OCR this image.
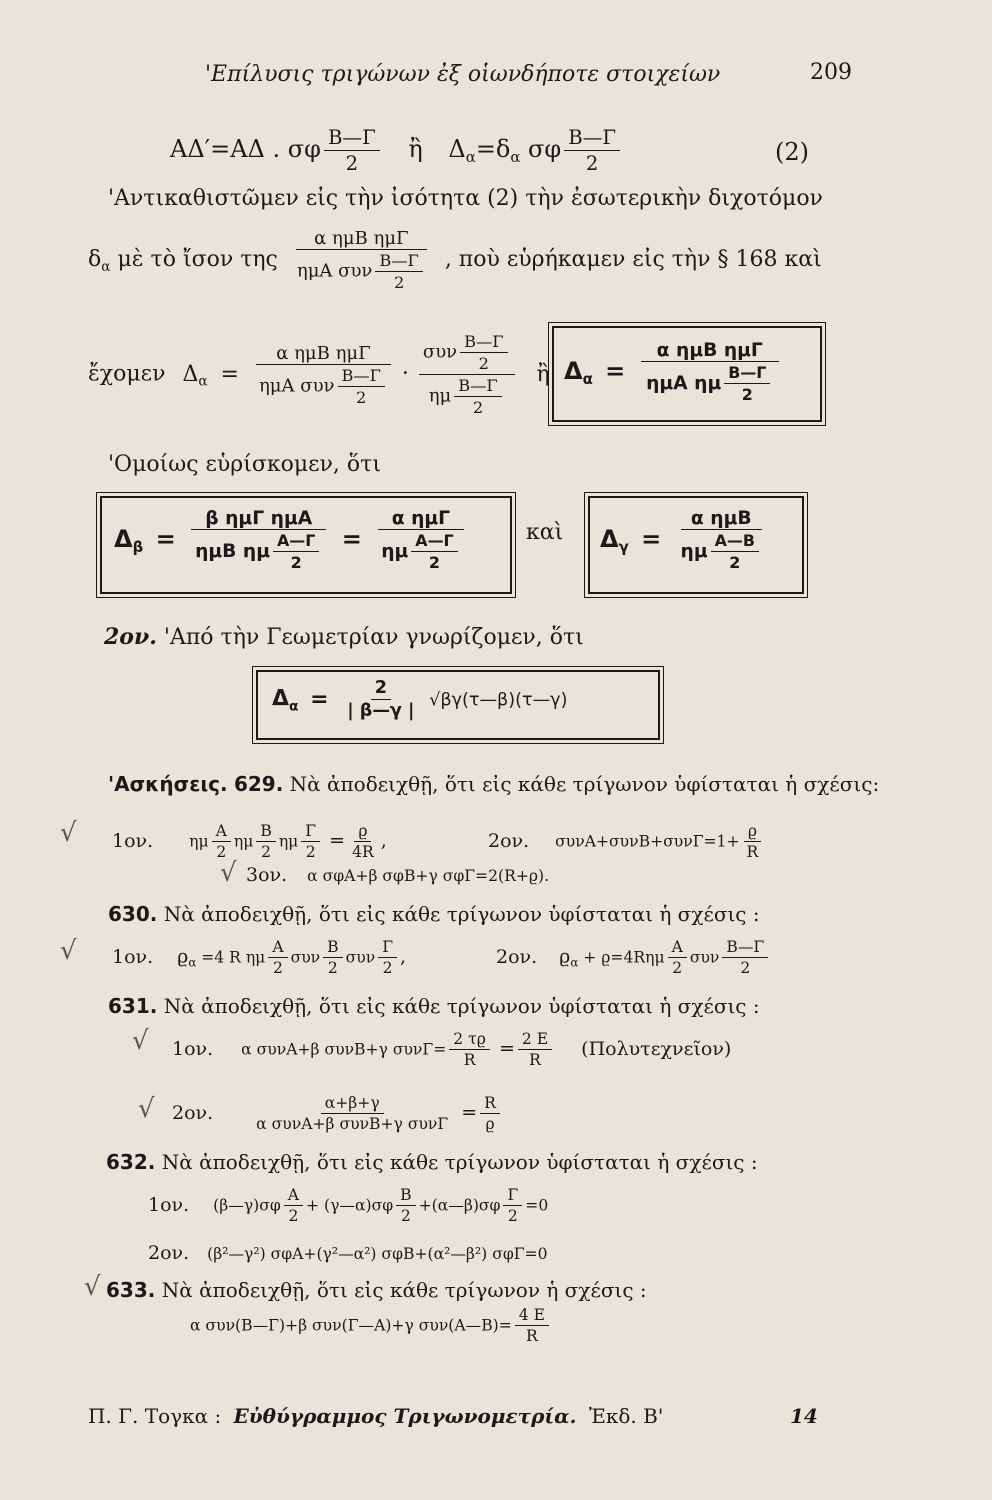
'Επίλυσις τριγώνων ἐξ οἱωνδήποτε στοιχείων	209
ΑΔ′=ΑΔ . σφ $\frac{B—\Gamma}{2}$ ἢ $\Delta_\alpha=\delta_\alpha$ σφ $\frac{B—\Gamma}{2}$	(2)
'Αντικαθιστῶμεν εἰς τὴν ἰσότητα (2) τὴν ἐσωτερικὴν διχοτόμον
$\delta_\alpha$ μὲ τὸ ἴσον της $\frac{\text{α ημΒ ημΓ}}{\eta\mu A \sigma\upsilon\nu \frac{B—\Gamma}{2}}$ , ποὺ εὑρήκαμεν εἰς τὴν § 168 καὶ
ἔχομεν $\Delta_\alpha = \frac{\text{α ημΒ ημΓ}}{\eta\mu A \sigma\upsilon\nu \frac{B—\Gamma}{2}} \cdot \frac{\sigma\upsilon\nu \frac{B—\Gamma}{2}}{\eta\mu \frac{B—\Gamma}{2}}$ ἢ $\Delta_\alpha = \frac{\text{α ημΒ ημΓ}}{\eta\mu A \eta\mu \frac{B—\Gamma}{2}}$
'Ομοίως εὑρίσκομεν, ὅτι
$\Delta_\beta = \frac{\text{β ημΓ ημΑ}}{\eta\mu B \eta\mu \frac{A—\Gamma}{2}} = \frac{\text{α ημΓ}}{\eta\mu \frac{A—\Gamma}{2}}$	καὶ $\Delta_\gamma = \frac{\text{α ημΒ}}{\eta\mu \frac{A—B}{2}}$
2ον. 'Από τὴν Γεωμετρίαν γνωρίζομεν, ὅτι
$\Delta_\alpha = \frac{2}{| \beta—\gamma |}$ √βγ(τ—β)(τ—γ)
'Ασκήσεις. 629. Νὰ ἀποδειχθῇ, ὅτι εἰς κάθε τρίγωνον ὑφίσταται ἡ σχέσις:
1ον. ημ $\frac{A}{2}$ ημ $\frac{B}{2}$ ημ $\frac{\Gamma}{2} = \frac{ϱ}{4R}$ ,	2ον. $\sigma\upsilon\nu A+\sigma\upsilon\nu B+\sigma\upsilon\nu\Gamma=1+ \frac{ϱ}{R}$
3ον. α σφΑ+β σφΒ+γ σφΓ=2(R+ϱ).
630. Νὰ ἀποδειχθῇ, ὅτι εἰς κάθε τρίγωνον ὑφίσταται ἡ σχέσις :
1ον. $ϱ_\alpha =4$ R ημ $\frac{A}{2}$ συν $\frac{B}{2}$ συν $\frac{\Gamma}{2}$ ,	2ον. $ϱ_\alpha + ϱ=4R\eta\mu \frac{A}{2}$ συν $\frac{B—\Gamma}{2}$
631. Νὰ ἀποδειχθῇ, ὅτι εἰς κάθε τρίγωνον ὑφίσταται ἡ σχέσις :
1ον. α συνΑ+β συνΒ+γ $\sigma\upsilon\nu\Gamma= \frac{2 \tau ϱ}{R} = \frac{2 E}{R}$ (Πολυτεχνεῖον)
2ον.	$\frac{\alpha+\beta+\gamma}{\text{α συνΑ+β συνΒ+γ συνΓ}} = \frac{R}{ϱ}$
632. Νὰ ἀποδειχθῇ, ὅτι εἰς κάθε τρίγωνον ὑφίσταται ἡ σχέσις :
1ον. (β—γ)σφ $\frac{A}{2}$ + (γ—α)σφ $\frac{B}{2}$ +(α—β)σφ $\frac{\Gamma}{2} =0$
2ον. (β²—γ²) σφΑ+(γ²—α²) σφΒ+(α²—β²) σφΓ=0
633. Νὰ ἀποδειχθῇ, ὅτι εἰς κάθε τρίγωνον ἡ σχέσις :
α συν(Β—Γ)+β συν(Γ—Α)+γ συν(Α—Β)= $\frac{4 E}{R}$
√
√
√
√
√
√
Π. Γ. Τογκα : Εὐθύγραμμος Τριγωνομετρία. Ἐκδ. Β'	14
